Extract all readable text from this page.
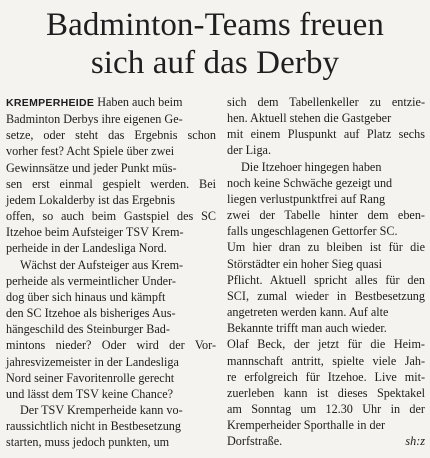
Badminton-Teams freuen
sich auf das Derby

KREMPERHEIDE Haben auch beim
Badminton Derbys ihre eigenen Ge-
setze, oder steht das Ergebnis schon
vorher fest? Acht Spiele über zwei
Gewinnsätze und jeder Punkt müs-
sen erst einmal gespielt werden. Bei
jedem Lokalderby ist das Ergebnis
offen, so auch beim Gastspiel des SC
Itzehoe beim Aufsteiger TSV Krem-
perheide in der Landesliga Nord.

Wächst der Aufsteiger aus Krem-
perheide als vermeintlicher Under-
dog über sich hinaus und kämpft
den SC Itzehoe als bisheriges Aus-
hängeschild des Steinburger Bad-
mintons nieder? Oder wird der Vor-
jahresvizemeister in der Landesliga
Nord seiner Favoritenrolle gerecht
und lässt dem TSV keine Chance?

Der TSV Kremperheide kann vo-
raussichtlich nicht in Bestbesetzung
starten, muss jedoch punkten, um

sich dem Tabellenkeller zu entzie-
hen. Aktuell stehen die Gastgeber
mit einem Pluspunkt auf Platz sechs
der Liga.

Die Itzehoer hingegen haben
noch keine Schwäche gezeigt und
liegen verlustpunktfrei auf Rang
zwei der Tabelle hinter dem eben-
falls ungeschlagenen Gettorfer SC.
Um hier dran zu bleiben ist für die
Störstädter ein hoher Sieg quasi
Pflicht. Aktuell spricht alles für den
SCI, zumal wieder in Bestbesetzung
angetreten werden kann. Auf alte
Bekannte trifft man auch wieder.
Olaf Beck, der jetzt für die Heim-
mannschaft antritt, spielte viele Jah-
re erfolgreich für Itzehoe. Live mit-
zuerleben kann ist dieses Spektakel
am Sonntag um 12.30 Uhr in der
Kremperheider Sporthalle in der
Dorfstraße.	sh:z
